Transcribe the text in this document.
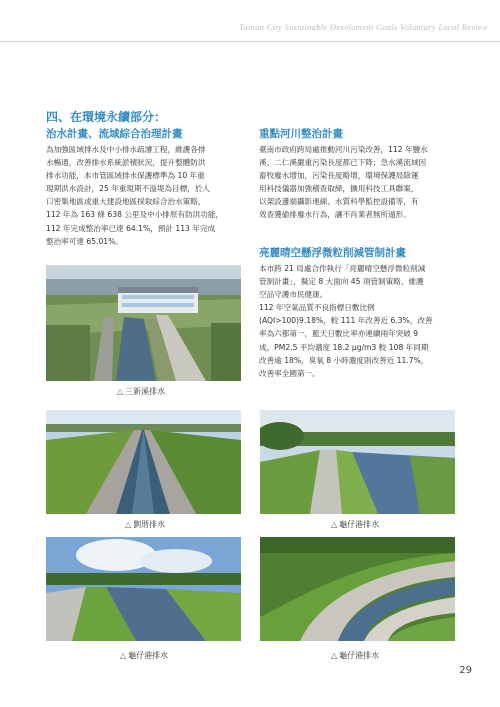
Tainan City Sustainable Develoment Goals Voluntary Local Review
四、在環境永續部分：
治水計畫、流域綜合治理計畫
為加強區域排水及中小排水疏濬工程，維護各排
水暢通，改善排水系統淤積狀況，提升整體防洪
排水功能，本市管區域排水保護標準為 10 年重
現期洪水設計，25 年重現期不溢堤為目標，於人
口密集地區或重大建設地區採取綜合治水策略，
112 年為 163 條 638 公里及中小排原有防洪功能，
112 年完成整治率已達 64.1%，預計 113 年完成
整治率可達 65.01%。
重點河川整治計畫
臺南市政府跨局處推動河川污染改善，112 年鹽水
溪、二仁溪嚴重污染長度都已下降；急水溪流域因
畜牧廢水增加，污染長度略增，環境保護局除運
用科技儀器加強稽查取締，擴用科技工具聯案，
以架設邊端攝影連線、水質科學監控設備等，有
效查獲偷排廢水行為，讓不肖業者無所遁形。
亮麗晴空懸浮微粒削減管制計畫
本市跨 21 局處合作執行「亮麗晴空懸浮微粒削減
管制計畫」，擬定 8 大面向 45 項管制策略，維護
空品守護市民健康。
112 年空氣品質不良指標日數比例
(AQI>100)9.18%，較 111 年改善近 6.3%，改善
率為六都第一，藍天日數比率亦連續兩年突破 9
成，PM2.5 平均濃度 18.2 μg/m3 較 108 年同期
改善逾 18%，臭氧 8 小時濃度則改善近 11.7%，
改善率全國第一。
△ 三新溪排水
△ 劉厝排水	△ 龜仔港排水
△ 龜仔港排水	△ 龜仔港排水
29
